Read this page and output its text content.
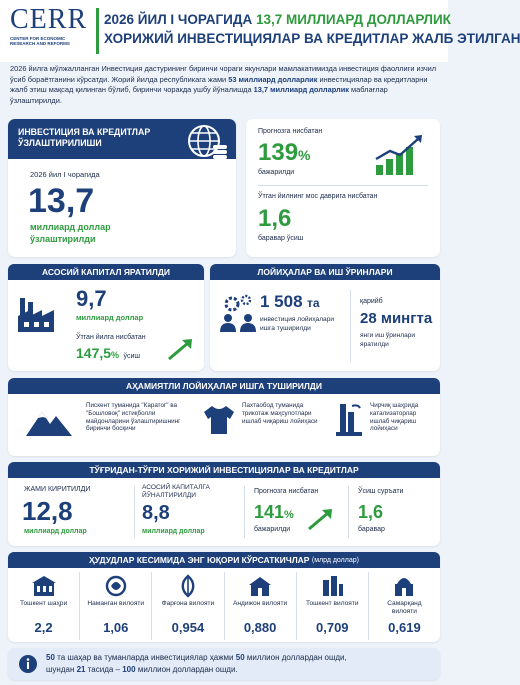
CERR
CENTER FOR ECONOMIC RESEARCH AND REFORMS
2026 ЙИЛ I ЧОРАГИДА 13,7 МИЛЛИАРД ДОЛЛАРЛИК
ХОРИЖИЙ ИНВЕСТИЦИЯЛАР ВА КРЕДИТЛАР ЖАЛБ ЭТИЛГАН
2026 йилга мўлжалланган Инвестиция дастурининг биринчи чораги якунлари мамлакатимизда инвестиция фаоллиги изчил ўсиб бораётганини кўрсатди. Жорий йилда республикага жами 53 миллиард долларлик инвестициялар ва кредитларни жалб этиш мақсад қилинган бўлиб, биринчи чоракда ушбу йўналишда 13,7 миллиард долларлик маблағлар ўзлаштирилди.
ИНВЕСТИЦИЯ ВА КРЕДИТЛАР ЎЗЛАШТИРИЛИШИ
2026 йил I чорагида
13,7
миллиард доллар
ўзлаштирилди
Прогнозга нисбатан
139%
бажарилди
Ўтган йилнинг мос даврига нисбатан
1,6
баравар ўсиш
АСОСИЙ КАПИТАЛ ЯРАТИЛДИ
9,7
миллиард доллар
Ўтган йилга нисбатан
147,5% ўсиш
ЛОЙИҲАЛАР ВА ИШ ЎРИНЛАРИ
1 508 та
инвестиция лойиҳалари ишга туширилди
қарийб
28 мингта
янги иш ўринлари яратилди
АҲАМИЯТЛИ ЛОЙИҲАЛАР ИШГА ТУШИРИЛДИ
Пискент туманида "Каратог" ва "Бошловоқ" истиқболли майдонларини ўзлаштиришнинг биринчи босқичи
Пахтаобод туманида трикотаж маҳсулотлари ишлаб чиқариш лойиҳаси
Чирчиқ шаҳрида катализаторлар ишлаб чиқариш лойиҳаси
ТЎҒРИДАН-ТЎҒРИ ХОРИЖИЙ ИНВЕСТИЦИЯЛАР ВА КРЕДИТЛАР
ЖАМИ КИРИТИЛДИ
12,8
миллиард доллар
АСОСИЙ КАПИТАЛГА ЙЎНАЛТИРИЛДИ
8,8
миллиард доллар
Прогнозга нисбатан
141%
бажарилди
Ўсиш суръати
1,6
баравар
ҲУДУДЛАР КЕСИМИДА ЭНГ ЮҚОРИ КЎРСАТКИЧЛАР
(млрд доллар)
Тошкент шаҳри
2,2
Наманган вилояти
1,06
Фарғона вилояти
0,954
Андижон вилояти
0,880
Тошкент вилояти
0,709
Самарқанд вилояти
0,619
50 та шаҳар ва туманларда инвестициялар ҳажми 50 миллион доллардан ошди,
шундан 21 тасида – 100 миллион доллардан ошди.
